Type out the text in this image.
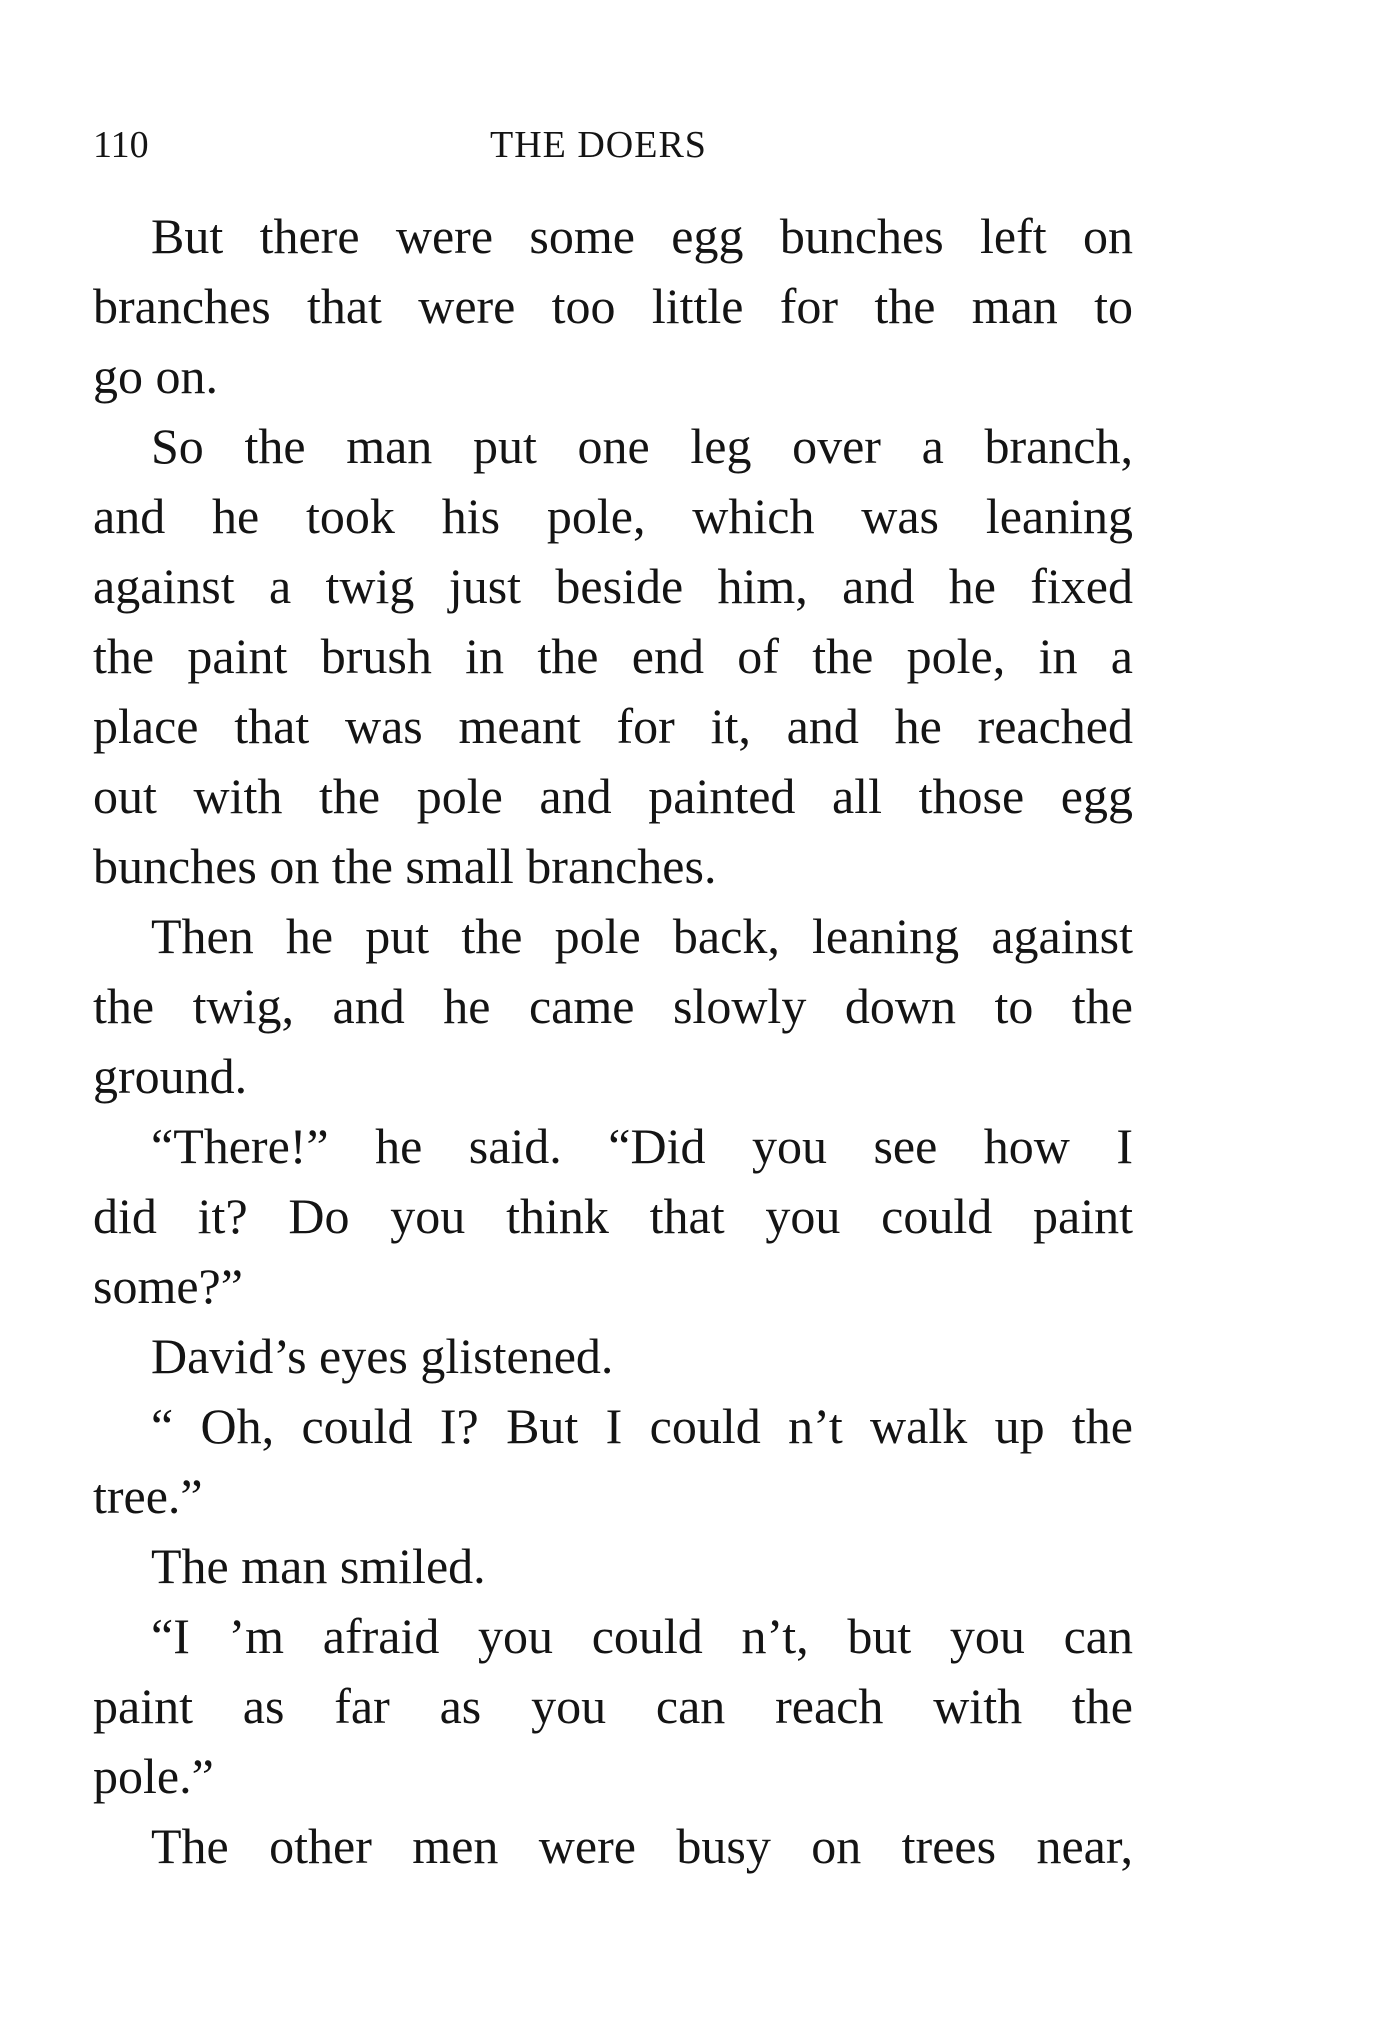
110	THE DOERS
But there were some egg bunches left on
branches that were too little for the man to
go on.
So the man put one leg over a branch,
and he took his pole, which was leaning
against a twig just beside him, and he fixed
the paint brush in the end of the pole, in a
place that was meant for it, and he reached
out with the pole and painted all those egg
bunches on the small branches.
Then he put the pole back, leaning against
the twig, and he came slowly down to the
ground.
“There!” he said. “Did you see how I
did it? Do you think that you could paint
some?”
David’s eyes glistened.
“ Oh, could I? But I could n’t walk up the
tree.”
The man smiled.
“I ’m afraid you could n’t, but you can
paint as far as you can reach with the
pole.”
The other men were busy on trees near,
